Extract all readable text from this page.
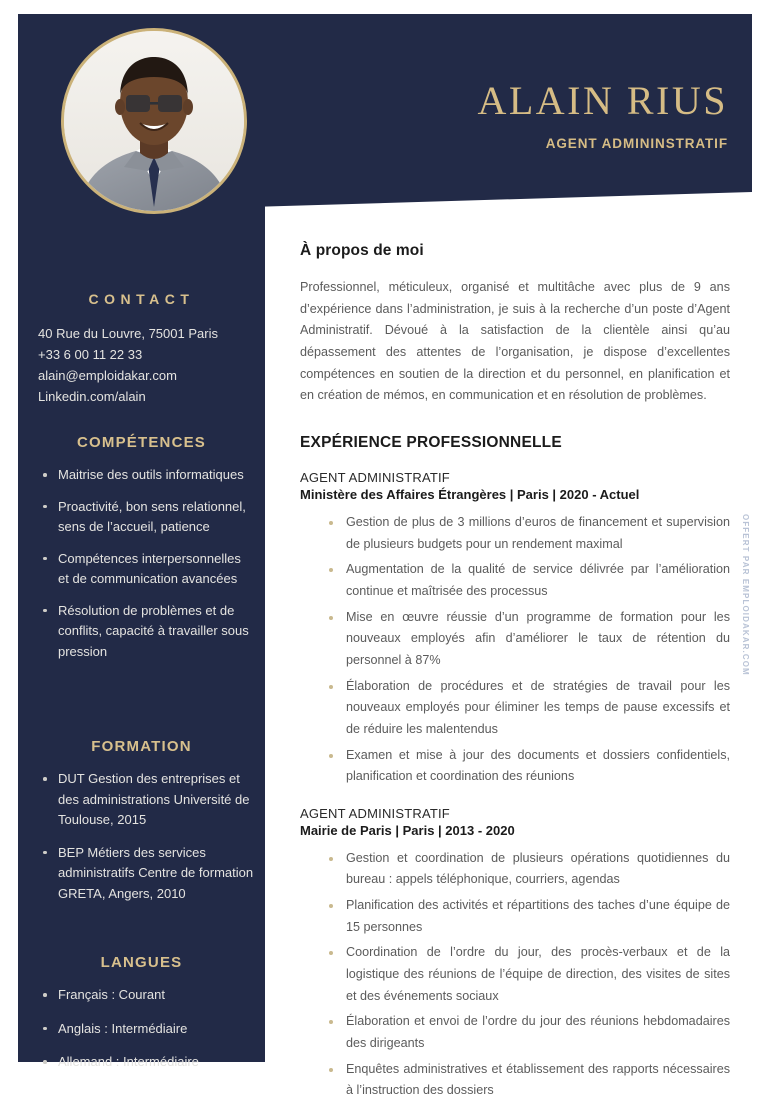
CONTACT
40 Rue du Louvre, 75001 Paris
+33 6 00 11 22 33
alain@emploidakar.com
Linkedin.com/alain
COMPÉTENCES
Maitrise des outils informatiques
Proactivité, bon sens relationnel, sens de l’accueil, patience
Compétences interpersonnelles et de communication avancées
Résolution de problèmes et de conflits, capacité à travailler sous pression
FORMATION
DUT Gestion des entreprises et des administrations Université de Toulouse, 2015
BEP Métiers des services administratifs Centre de formation GRETA, Angers, 2010
LANGUES
Français : Courant
Anglais : Intermédiaire
Allemand : Intermédiaire
ALAIN RIUS
AGENT ADMININSTRATIF
À propos de moi
Professionnel, méticuleux, organisé et multitâche avec plus de 9 ans d’expérience dans l’administration, je suis à la recherche d’un poste d’Agent Administratif. Dévoué à la satisfaction de la clientèle ainsi qu’au dépassement des attentes de l’organisation, je dispose d’excellentes compétences en soutien de la direction et du personnel, en planification et en création de mémos, en communication et en résolution de problèmes.
EXPÉRIENCE PROFESSIONNELLE
AGENT ADMINISTRATIF
Ministère des Affaires Étrangères | Paris | 2020 - Actuel
Gestion de plus de 3 millions d’euros de financement et supervision de plusieurs budgets pour un rendement maximal
Augmentation de la qualité de service délivrée par l’amélioration continue et maîtrisée des processus
Mise en œuvre réussie d’un programme de formation pour les nouveaux employés afin d’améliorer le taux de rétention du personnel à 87%
Élaboration de procédures et de stratégies de travail pour les nouveaux employés pour éliminer les temps de pause excessifs et de réduire les malentendus
Examen et mise à jour des documents et dossiers confidentiels, planification et coordination des réunions
AGENT ADMINISTRATIF
Mairie de Paris | Paris | 2013 - 2020
Gestion et coordination de plusieurs opérations quotidiennes du bureau : appels téléphonique, courriers, agendas
Planification des activités et répartitions des taches d’une équipe de 15 personnes
Coordination de l’ordre du jour, des procès-verbaux et de la logistique des réunions de l’équipe de direction, des visites de sites et des événements sociaux
Élaboration et envoi de l’ordre du jour des réunions hebdomadaires des dirigeants
Enquêtes administratives et établissement des rapports nécessaires à l’instruction des dossiers
OFFERT PAR EMPLOIDAKAR.COM
